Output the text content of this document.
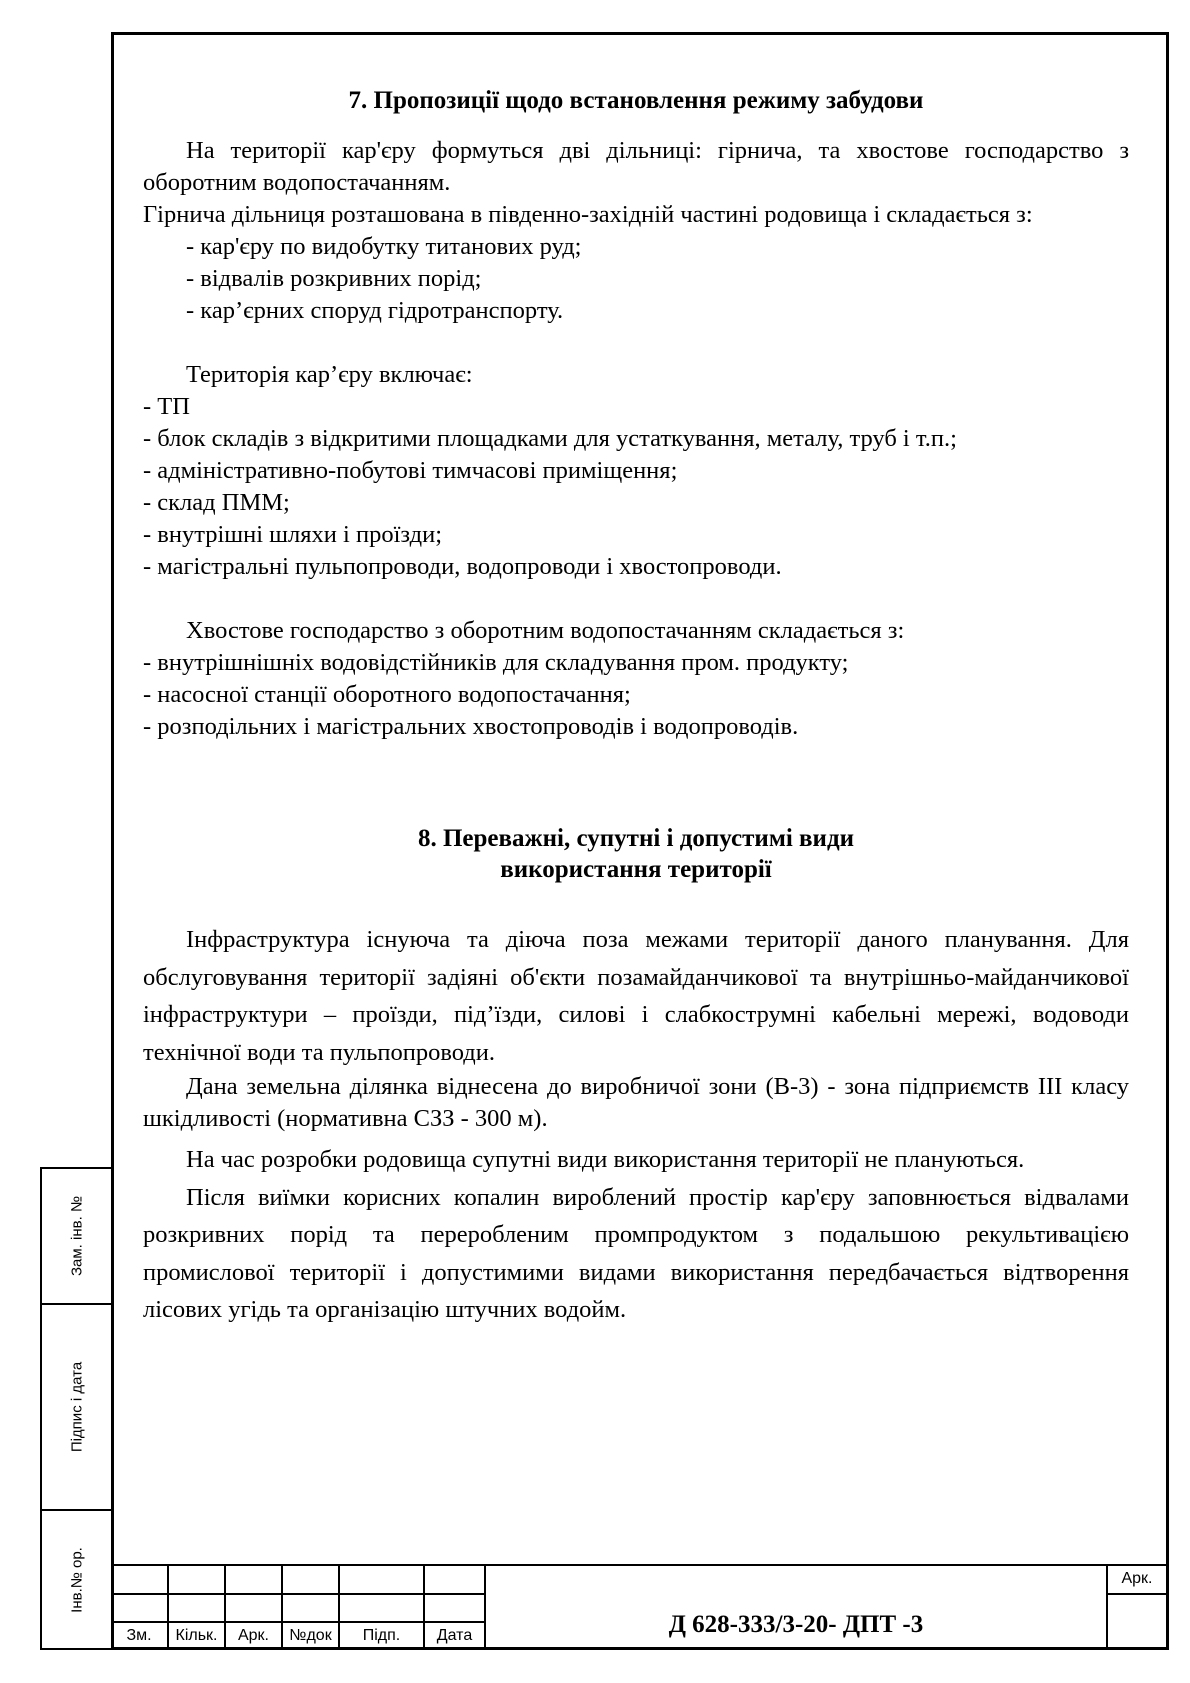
7. Пропозиції щодо встановлення режиму забудови

На території кар'єру формуться дві дільниці: гірнича, та хвостове господарство з оборотним водопостачанням.

Гірнича дільниця розташована в південно-західній частині родовища і складається з:

- кар'єру по видобутку титанових руд;

- відвалів розкривних порід;

- кар’єрних споруд гідротранспорту.

Територія кар’єру включає:

- ТП

- блок складів з відкритими площадками для устаткування, металу, труб і т.п.;

- адміністративно-побутові тимчасові приміщення;

- склад ПММ;

- внутрішні шляхи і проїзди;

- магістральні пульпопроводи, водопроводи і хвостопроводи.

Хвостове господарство з оборотним водопостачанням складається з:

- внутрішнішніх водовідстійників для складування пром. продукту;

- насосної станції оборотного водопостачання;

- розподільних і магістральних хвостопроводів і водопроводів.

8. Переважні, супутні і допустимі види

використання території

Інфраструктура існуюча та діюча поза межами території даного планування. Для обслуговування території задіяні об'єкти позамайданчикової та внутрішньо-майданчикової інфраструктури – проїзди, під’їзди, силові і слабкострумні кабельні мережі, водоводи технічної води та пульпопроводи.

Дана земельна ділянка віднесена до виробничої зони (В-3) - зона підприємств ІІІ класу шкідливості (нормативна СЗЗ - 300 м).

На час розробки родовища супутні види використання території не плануються.

Після виїмки корисних копалин вироблений простір кар'єру заповнюється відвалами розкривних порід та переробленим промпродуктом з подальшою рекультивацією промислової території і допустимими видами використання передбачається відтворення лісових угідь та організацію штучних водойм.

Зам. інв. №
Підпис і дата
Інв.№ ор.
Зм.	Кільк.	Арк.	№док	Підп.	Дата	Д 628-333/3-20- ДПТ -3
Арк.
